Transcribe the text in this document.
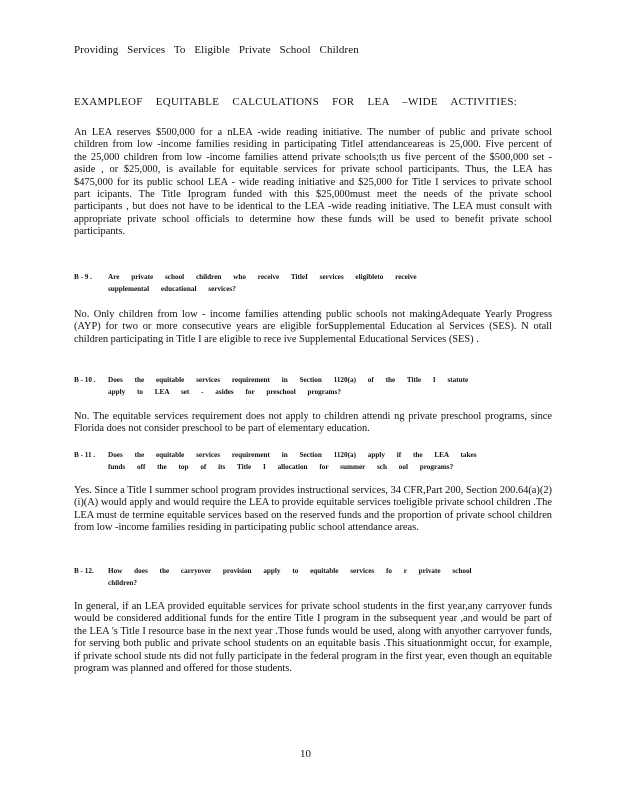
Providing Services To Eligible Private School Children
EXAMPLEOF EQUITABLE CALCULATIONS FOR LEA –WIDE ACTIVITIES:
An LEA reserves $500,000 for a nLEA -wide reading initiative. The number of public and private school children from low -income families residing in participating TitleI attendanceareas is 25,000. Five percent of the 25,000 children from low -income families attend private schools;th us five percent of the $500,000 set -aside , or $25,000, is available for equitable services for private school participants. Thus, the LEA has $475,000 for its public school LEA - wide reading initiative and $25,000 for Title I services to private school part icipants. The Title Iprogram funded with this $25,000must meet the needs of the private school participants , but does not have to be identical to the LEA -wide reading initiative. The LEA must consult with appropriate private school officials to determine how these funds will be used to benefit private school participants.
B - 9 . Are private school children who receive TitleI services eligibleto receive
supplemental educational services?
No. Only children from low - income families attending public schools not makingAdequate Yearly Progress (AYP) for two or more consecutive years are eligible forSupplemental Education al Services (SES). N otall children participating in Title I are eligible to rece ive Supplemental Educational Services (SES) .
B - 10 . Does the equitable services requirement in Section 1120(a) of the Title I statute
apply to LEA set - asides for preschool programs?
No. The equitable services requirement does not apply to children attendi ng private preschool programs, since Florida does not consider preschool to be part of elementary education.
B - 11 . Does the equitable services requirement in Section 1120(a) apply if the LEA takes
funds off the top of its Title I allocation for summer sch ool programs?
Yes. Since a Title I summer school program provides instructional services, 34 CFR,Part 200, Section 200.64(a)(2)(i)(A) would apply and would require the LEA to provide equitable services toeligible private school children .The LEA must de termine equitable services based on the reserved funds and the proportion of private school children from low -income families residing in participating public school attendance areas.
B - 12. How does the carryover provision apply to equitable services fo r private school
children?
In general, if an LEA provided equitable services for private school students in the first year,any carryover funds would be considered additional funds for the entire Title I program in the subsequent year ,and would be part of the LEA 's Title I resource base in the next year .Those funds would be used, along with anyother carryover funds, for serving both public and private school students on an equitable basis .This situationmight occur, for example, if private school stude nts did not fully participate in the federal program in the first year, even though an equitable program was planned and offered for those students.
10
